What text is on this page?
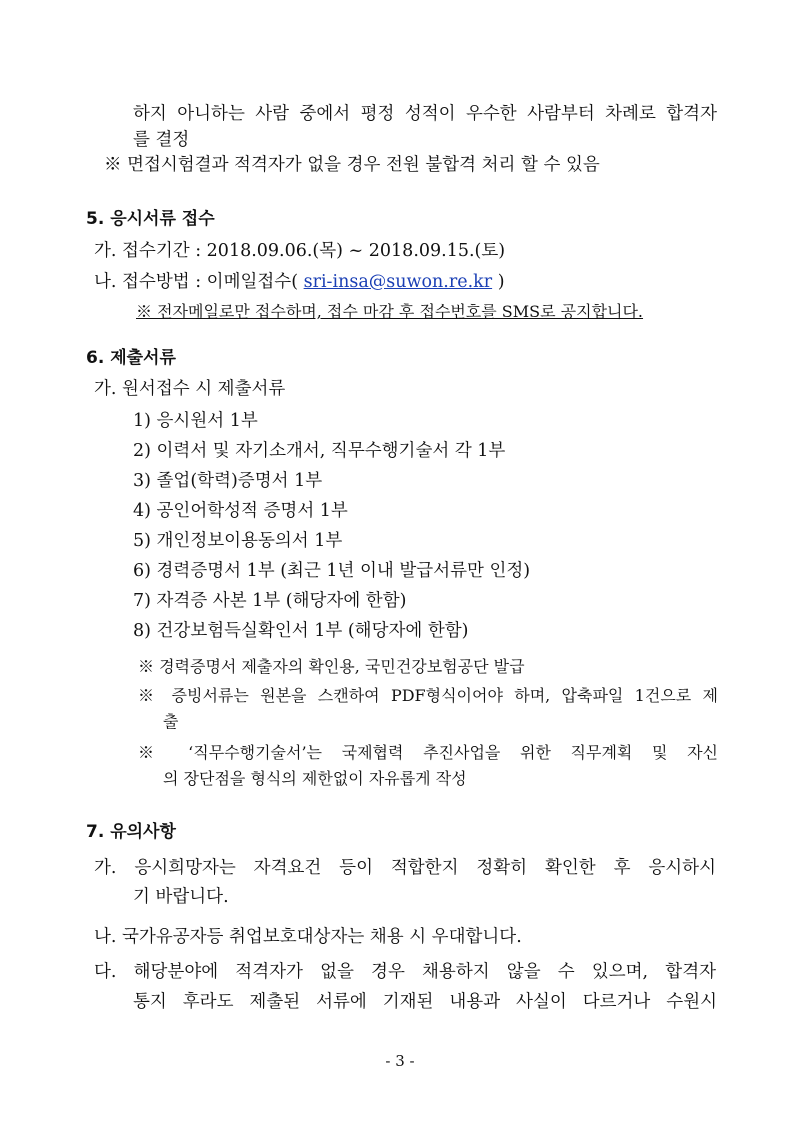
하지 아니하는 사람 중에서 평정 성적이 우수한 사람부터 차례로 합격자
를 결정
※ 면접시험결과 적격자가 없을 경우 전원 불합격 처리 할 수 있음
5. 응시서류 접수
가. 접수기간 : 2018.09.06.(목) ~ 2018.09.15.(토)
나. 접수방법 : 이메일접수( sri-insa@suwon.re.kr )
※ 전자메일로만 접수하며, 접수 마감 후 접수번호를 SMS로 공지합니다.
6. 제출서류
가. 원서접수 시 제출서류
1) 응시원서 1부
2) 이력서 및 자기소개서, 직무수행기술서 각 1부
3) 졸업(학력)증명서 1부
4) 공인어학성적 증명서 1부
5) 개인정보이용동의서 1부
6) 경력증명서 1부 (최근 1년 이내 발급서류만 인정)
7) 자격증 사본 1부 (해당자에 한함)
8) 건강보험득실확인서 1부 (해당자에 한함)
※ 경력증명서 제출자의 확인용, 국민건강보험공단 발급
※ 증빙서류는 원본을 스캔하여 PDF형식이어야 하며, 압축파일 1건으로 제
출
※ ‘직무수행기술서’는 국제협력 추진사업을 위한 직무계획 및 자신
의 장단점을 형식의 제한없이 자유롭게 작성
7. 유의사항
가. 응시희망자는 자격요건 등이 적합한지 정확히 확인한 후 응시하시
기 바랍니다.
나. 국가유공자등 취업보호대상자는 채용 시 우대합니다.
다. 해당분야에 적격자가 없을 경우 채용하지 않을 수 있으며, 합격자
통지 후라도 제출된 서류에 기재된 내용과 사실이 다르거나 수원시
- 3 -
